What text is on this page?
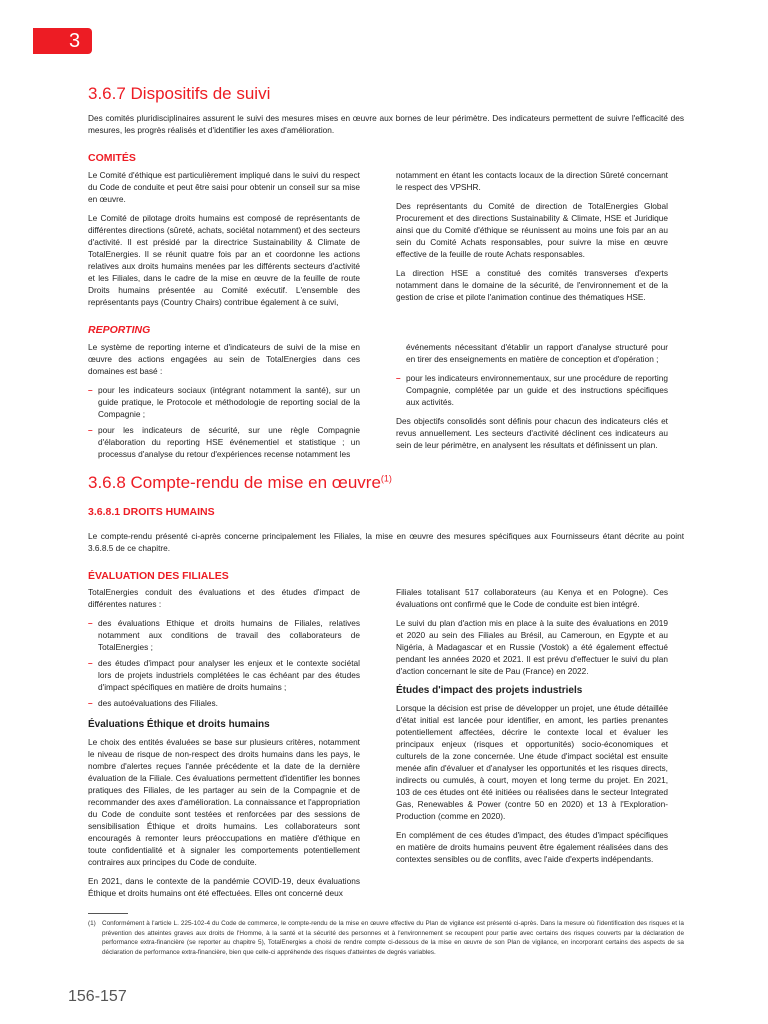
3
3.6.7 Dispositifs de suivi

Des comités pluridisciplinaires assurent le suivi des mesures mises en œuvre aux bornes de leur périmètre. Des indicateurs permettent de suivre l'efficacité des mesures, les progrès réalisés et d'identifier les axes d'amélioration.

COMITÉS

Le Comité d'éthique est particulièrement impliqué dans le suivi du respect du Code de conduite et peut être saisi pour obtenir un conseil sur sa mise en œuvre.

Le Comité de pilotage droits humains est composé de représentants de différentes directions (sûreté, achats, sociétal notamment) et des secteurs d'activité. Il est présidé par la directrice Sustainability & Climate de TotalEnergies. Il se réunit quatre fois par an et coordonne les actions relatives aux droits humains menées par les différents secteurs d'activité et les Filiales, dans le cadre de la mise en œuvre de la feuille de route Droits humains présentée au Comité exécutif. L'ensemble des représentants pays (Country Chairs) contribue également à ce suivi,

notamment en étant les contacts locaux de la direction Sûreté concernant le respect des VPSHR.

Des représentants du Comité de direction de TotalEnergies Global Procurement et des directions Sustainability & Climate, HSE et Juridique ainsi que du Comité d'éthique se réunissent au moins une fois par an au sein du Comité Achats responsables, pour suivre la mise en œuvre effective de la feuille de route Achats responsables.

La direction HSE a constitué des comités transverses d'experts notamment dans le domaine de la sécurité, de l'environnement et de la gestion de crise et pilote l'animation continue des thématiques HSE.

REPORTING

Le système de reporting interne et d'indicateurs de suivi de la mise en œuvre des actions engagées au sein de TotalEnergies dans ces domaines est basé :

– pour les indicateurs sociaux (intégrant notamment la santé), sur un guide pratique, le Protocole et méthodologie de reporting social de la Compagnie ;
– pour les indicateurs de sécurité, sur une règle Compagnie d'élaboration du reporting HSE événementiel et statistique ; un processus d'analyse du retour d'expériences recense notamment les

événements nécessitant d'établir un rapport d'analyse structuré pour en tirer des enseignements en matière de conception et d'opération ;

– pour les indicateurs environnementaux, sur une procédure de reporting Compagnie, complétée par un guide et des instructions spécifiques aux activités.

Des objectifs consolidés sont définis pour chacun des indicateurs clés et revus annuellement. Les secteurs d'activité déclinent ces indicateurs au sein de leur périmètre, en analysent les résultats et définissent un plan.

3.6.8 Compte-rendu de mise en œuvre$^{(1)}$
3.6.8.1 DROITS HUMAINS

Le compte-rendu présenté ci-après concerne principalement les Filiales, la mise en œuvre des mesures spécifiques aux Fournisseurs étant décrite au point 3.6.8.5 de ce chapitre.

ÉVALUATION DES FILIALES

TotalEnergies conduit des évaluations et des études d'impact de différentes natures :

– des évaluations Ethique et droits humains de Filiales, relatives notamment aux conditions de travail des collaborateurs de TotalEnergies ;
– des études d'impact pour analyser les enjeux et le contexte sociétal lors de projets industriels complétées le cas échéant par des études d'impact spécifiques en matière de droits humains ;
– des autoévaluations des Filiales.
Évaluations Éthique et droits humains

Le choix des entités évaluées se base sur plusieurs critères, notamment le niveau de risque de non-respect des droits humains dans les pays, le nombre d'alertes reçues l'année précédente et la date de la dernière évaluation de la Filiale. Ces évaluations permettent d'identifier les bonnes pratiques des Filiales, de les partager au sein de la Compagnie et de recommander des axes d'amélioration. La connaissance et l'appropriation du Code de conduite sont testées et renforcées par des sessions de sensibilisation Éthique et droits humains. Les collaborateurs sont encouragés à remonter leurs préoccupations en matière d'éthique en toute confidentialité et à signaler les comportements potentiellement contraires aux principes du Code de conduite.

En 2021, dans le contexte de la pandémie COVID-19, deux évaluations Éthique et droits humains ont été effectuées. Elles ont concerné deux

Filiales totalisant 517 collaborateurs (au Kenya et en Pologne). Ces évaluations ont confirmé que le Code de conduite est bien intégré.

Le suivi du plan d'action mis en place à la suite des évaluations en 2019 et 2020 au sein des Filiales au Brésil, au Cameroun, en Egypte et au Nigéria, à Madagascar et en Russie (Vostok) a été également effectué pendant les années 2020 et 2021. Il est prévu d'effectuer le suivi du plan d'action concernant le site de Pau (France) en 2022.

Études d'impact des projets industriels

Lorsque la décision est prise de développer un projet, une étude détaillée d'état initial est lancée pour identifier, en amont, les parties prenantes potentiellement affectées, décrire le contexte local et évaluer les principaux enjeux (risques et opportunités) socio-économiques et culturels de la zone concernée. Une étude d'impact sociétal est ensuite menée afin d'évaluer et d'analyser les opportunités et les risques directs, indirects ou cumulés, à court, moyen et long terme du projet. En 2021, 103 de ces études ont été initiées ou réalisées dans le secteur Integrated Gas, Renewables & Power (contre 50 en 2020) et 13 à l'Exploration-Production (comme en 2020).

En complément de ces études d'impact, des études d'impact spécifiques en matière de droits humains peuvent être également réalisées dans des contextes sensibles ou de conflits, avec l'aide d'experts indépendants.

(1) Conformément à l'article L. 225-102-4 du Code de commerce, le compte-rendu de la mise en œuvre effective du Plan de vigilance est présenté ci-après. Dans la mesure où l'identification des risques et la prévention des atteintes graves aux droits de l'Homme, à la santé et la sécurité des personnes et à l'environnement se recoupent pour partie avec certains des risques couverts par la déclaration de performance extra-financière (se reporter au chapitre 5), TotalEnergies a choisi de rendre compte ci-dessous de la mise en œuvre de son Plan de vigilance, en incorporant certains des aspects de sa déclaration de performance extra-financière, bien que celle-ci appréhende des risques d'atteintes de degrés variables.
156-157
